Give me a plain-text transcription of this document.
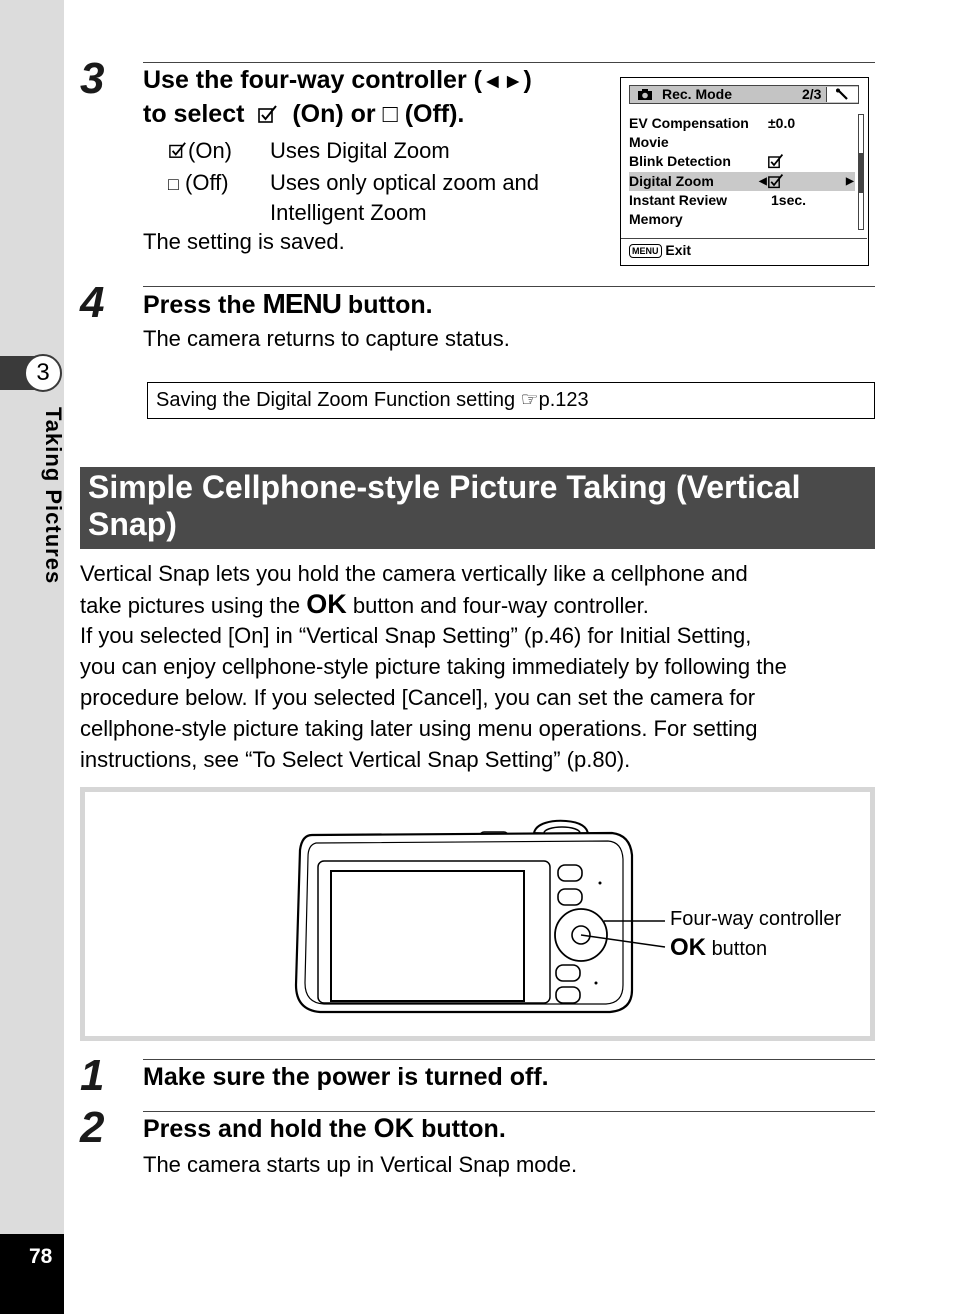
3
Taking Pictures
78
3 Use the four-way controller (◄►)
to select (On) or □ (Off).
(On) Uses Digital Zoom
□ (Off) Uses only optical zoom and
Intelligent Zoom
The setting is saved.
Rec. Mode	2/3
EV Compensation ±0.0
Movie
Blink Detection
Digital Zoom	◀	▶
Instant Review	1sec.
Memory
MENU Exit
4 Press the MENU button.
The camera returns to capture status.
Saving the Digital Zoom Function setting ☞p.123
Simple Cellphone-style Picture Taking (Vertical
Snap)
Vertical Snap lets you hold the camera vertically like a cellphone and
take pictures using the OK button and four-way controller.
If you selected [On] in “Vertical Snap Setting” (p.46) for Initial Setting,
you can enjoy cellphone-style picture taking immediately by following the
procedure below. If you selected [Cancel], you can set the camera for
cellphone-style picture taking later using menu operations. For setting
instructions, see “To Select Vertical Snap Setting” (p.80).
Four-way controller
OK button
1 Make sure the power is turned off.
2 Press and hold the OK button.
The camera starts up in Vertical Snap mode.
